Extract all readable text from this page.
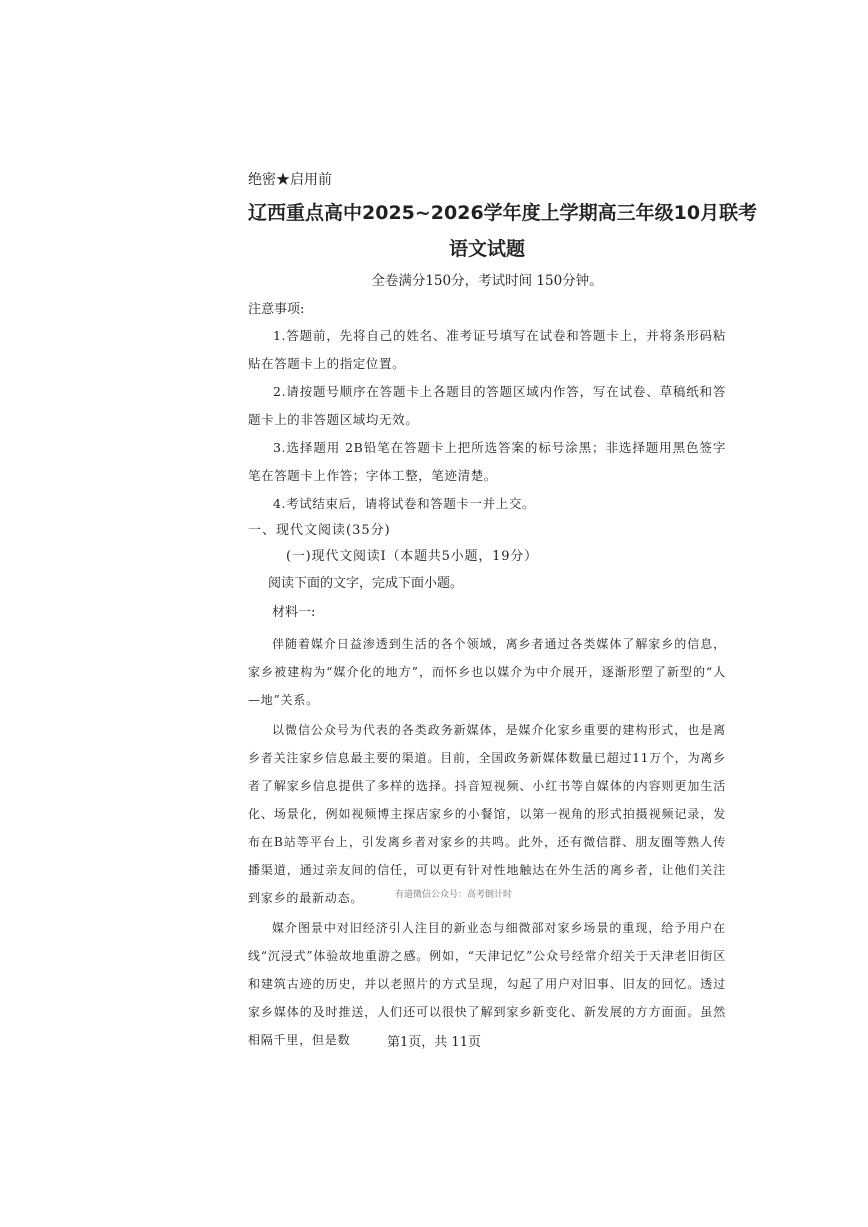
绝密★启用前

辽西重点高中2025~2026学年度上学期高三年级10月联考
语文试题

全卷满分150分，考试时间 150分钟。

注意事项:

1.答题前，先将自己的姓名、准考证号填写在试卷和答题卡上，并将条形码粘贴在答题卡上的指定位置。

2.请按题号顺序在答题卡上各题目的答题区域内作答，写在试卷、草稿纸和答题卡上的非答题区域均无效。

3.选择题用 2B铅笔在答题卡上把所选答案的标号涂黑；非选择题用黑色签字笔在答题卡上作答；字体工整，笔迹清楚。

4.考试结束后，请将试卷和答题卡一并上交。

一、现代文阅读(35分)

(一)现代文阅读Ⅰ（本题共5小题，19分）

阅读下面的文字，完成下面小题。

材料一:

伴随着媒介日益渗透到生活的各个领域，离乡者通过各类媒体了解家乡的信息，家乡被建构为“媒介化的地方”，而怀乡也以媒介为中介展开，逐渐形塑了新型的“人—地”关系。

以微信公众号为代表的各类政务新媒体，是媒介化家乡重要的建构形式，也是离乡者关注家乡信息最主要的渠道。目前，全国政务新媒体数量已超过11万个，为离乡者了解家乡信息提供了多样的选择。抖音短视频、小红书等自媒体的内容则更加生活化、场景化，例如视频博主探店家乡的小餐馆，以第一视角的形式拍摄视频记录，发布在B站等平台上，引发离乡者对家乡的共鸣。此外，还有微信群、朋友圈等熟人传播渠道，通过亲友间的信任，可以更有针对性地触达在外生活的离乡者，让他们关注到家乡的最新动态。

媒介图景中对旧经济引人注目的新业态与细微部对家乡场景的重现，给予用户在线“沉浸式”体验故地重游之感。例如，“天津记忆”公众号经常介绍关于天津老旧街区和建筑古迹的历史，并以老照片的方式呈现，勾起了用户对旧事、旧友的回忆。透过家乡媒体的及时推送，人们还可以很快了解到家乡新变化、新发展的方方面面。虽然相隔千里，但是数

有道微信公众号：高考倒计时
第1页，共 11页
